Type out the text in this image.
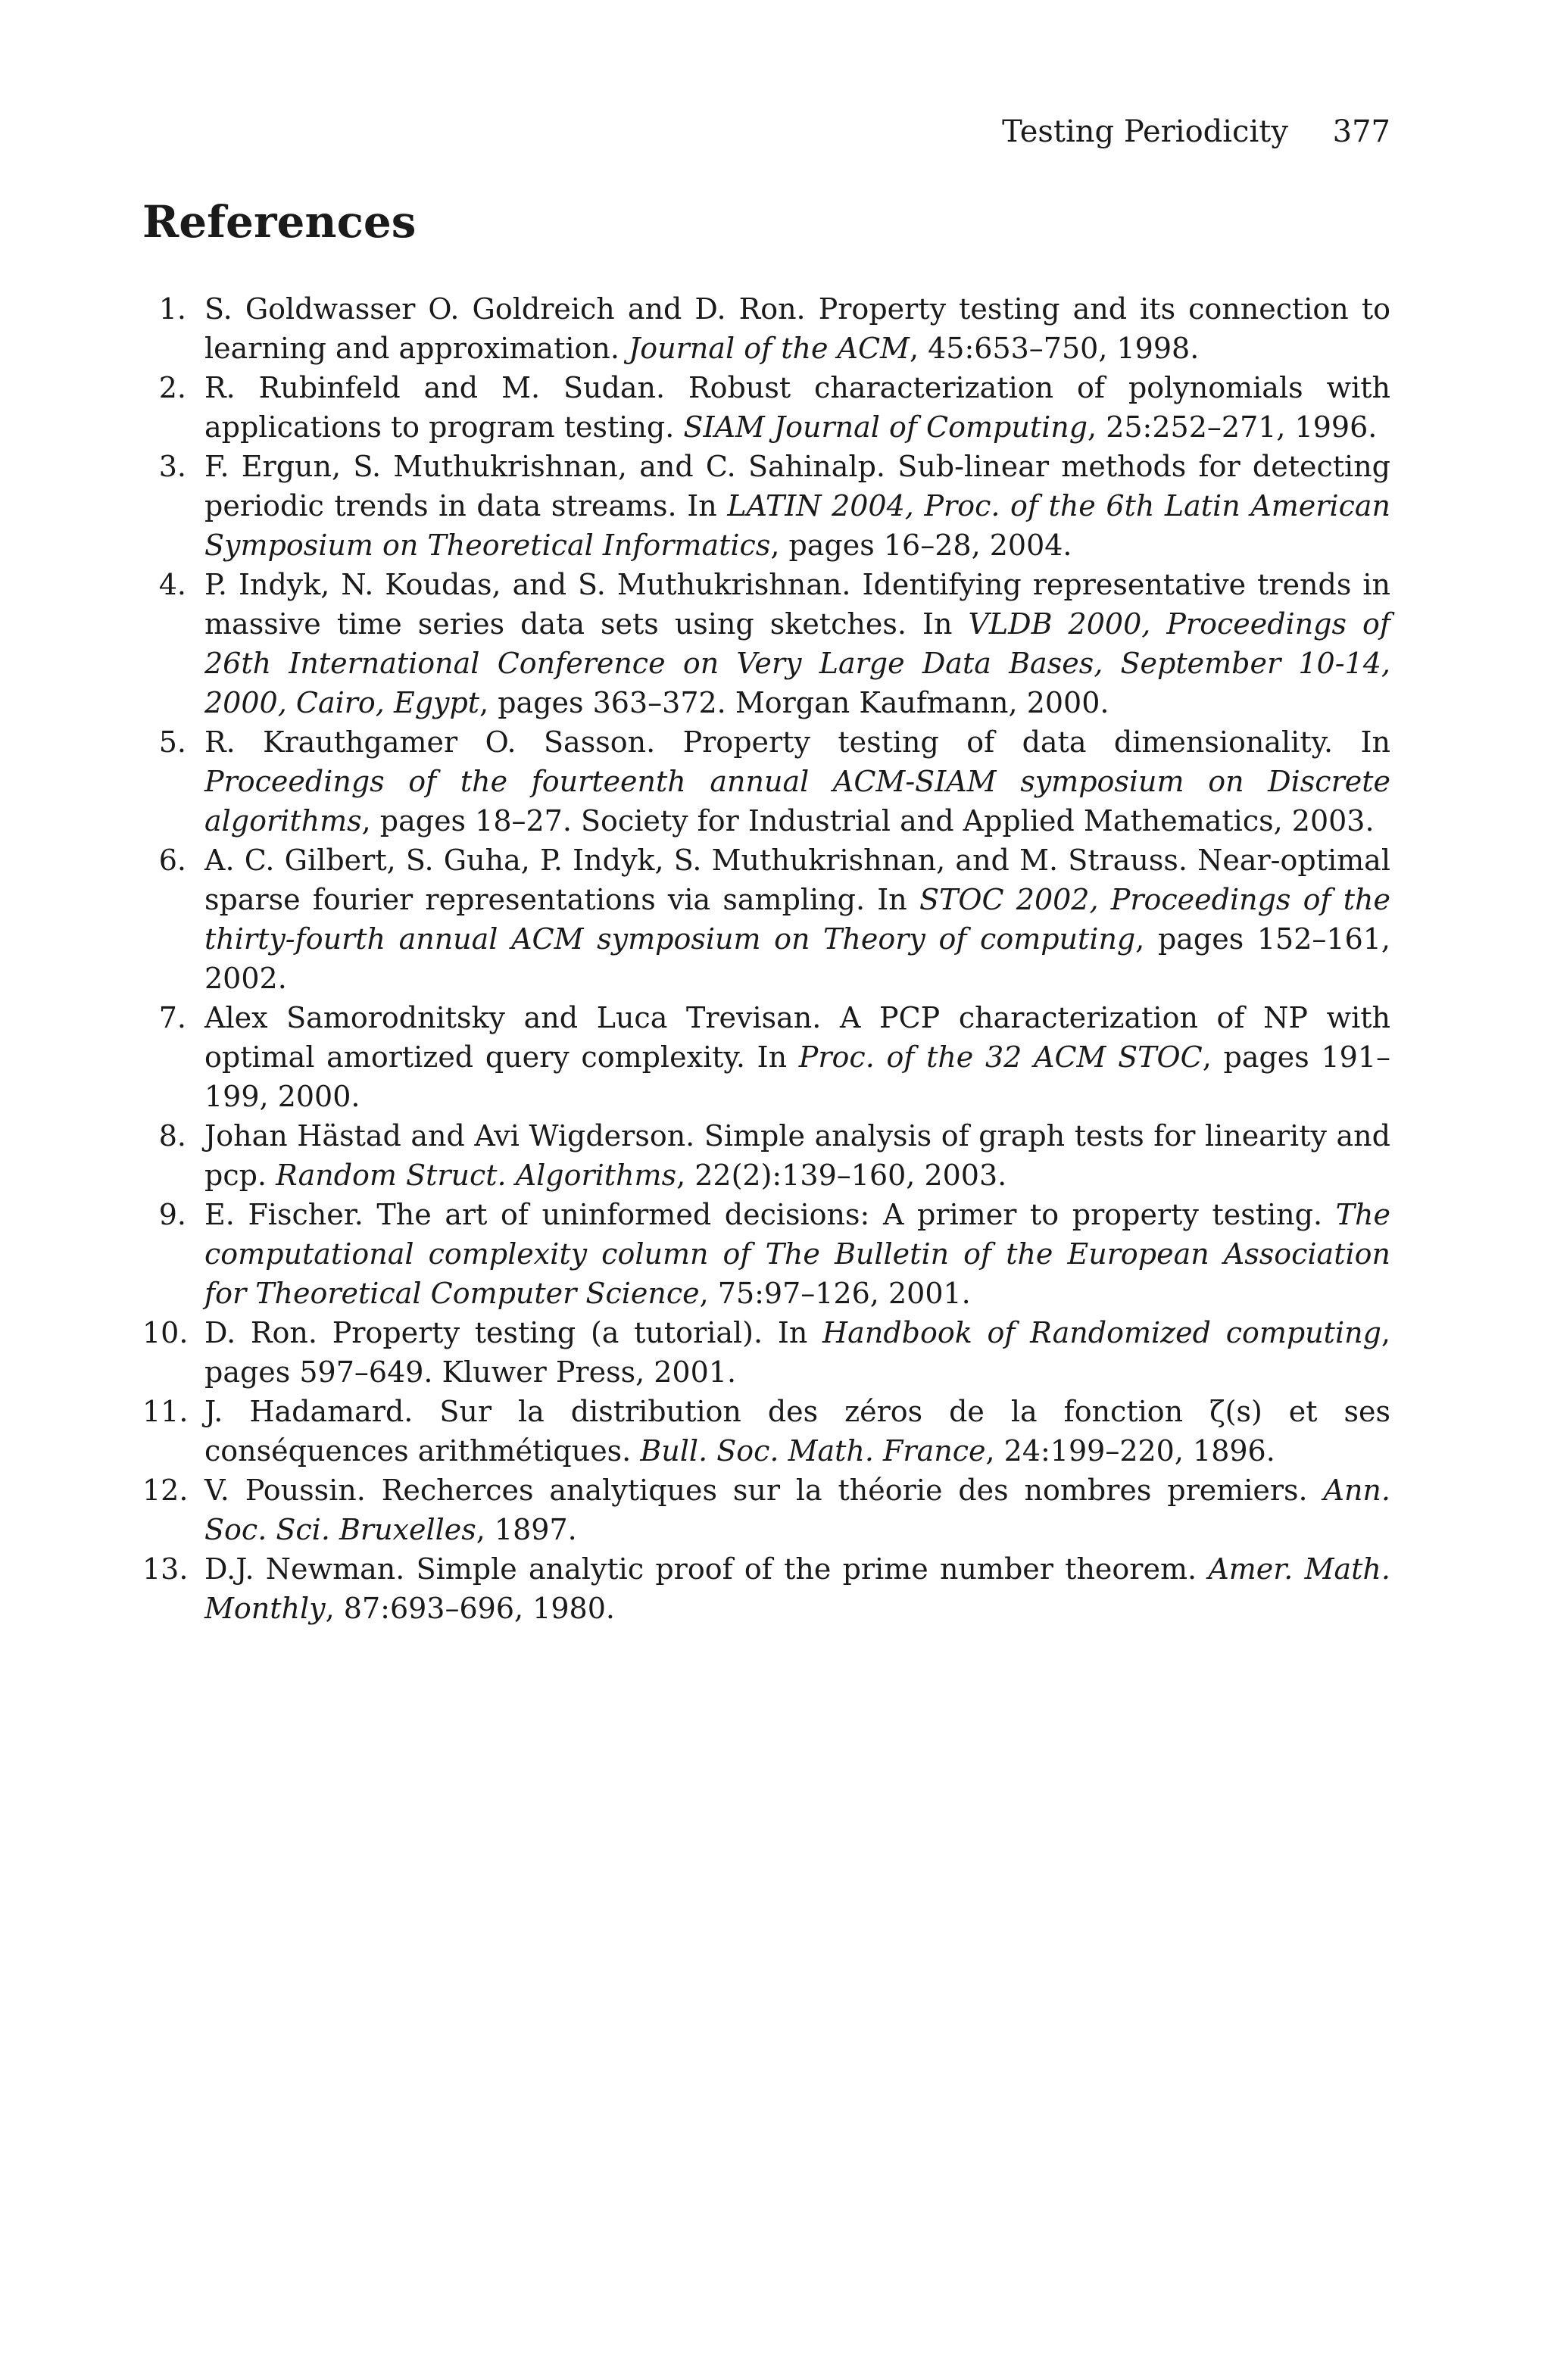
Testing Periodicity 377
References
1. S. Goldwasser O. Goldreich and D. Ron. Property testing and its connection to learning and approximation. Journal of the ACM, 45:653–750, 1998.
2. R. Rubinfeld and M. Sudan. Robust characterization of polynomials with applications to program testing. SIAM Journal of Computing, 25:252–271, 1996.
3. F. Ergun, S. Muthukrishnan, and C. Sahinalp. Sub-linear methods for detecting periodic trends in data streams. In LATIN 2004, Proc. of the 6th Latin American Symposium on Theoretical Informatics, pages 16–28, 2004.
4. P. Indyk, N. Koudas, and S. Muthukrishnan. Identifying representative trends in massive time series data sets using sketches. In VLDB 2000, Proceedings of 26th International Conference on Very Large Data Bases, September 10-14, 2000, Cairo, Egypt, pages 363–372. Morgan Kaufmann, 2000.
5. R. Krauthgamer O. Sasson. Property testing of data dimensionality. In Proceedings of the fourteenth annual ACM-SIAM symposium on Discrete algorithms, pages 18–27. Society for Industrial and Applied Mathematics, 2003.
6. A. C. Gilbert, S. Guha, P. Indyk, S. Muthukrishnan, and M. Strauss. Near-optimal sparse fourier representations via sampling. In STOC 2002, Proceedings of the thirty-fourth annual ACM symposium on Theory of computing, pages 152–161, 2002.
7. Alex Samorodnitsky and Luca Trevisan. A PCP characterization of NP with optimal amortized query complexity. In Proc. of the 32 ACM STOC, pages 191–199, 2000.
8. Johan Hästad and Avi Wigderson. Simple analysis of graph tests for linearity and pcp. Random Struct. Algorithms, 22(2):139–160, 2003.
9. E. Fischer. The art of uninformed decisions: A primer to property testing. The computational complexity column of The Bulletin of the European Association for Theoretical Computer Science, 75:97–126, 2001.
10. D. Ron. Property testing (a tutorial). In Handbook of Randomized computing, pages 597–649. Kluwer Press, 2001.
11. J. Hadamard. Sur la distribution des zéros de la fonction ζ(s) et ses conséquences arithmétiques. Bull. Soc. Math. France, 24:199–220, 1896.
12. V. Poussin. Recherces analytiques sur la théorie des nombres premiers. Ann. Soc. Sci. Bruxelles, 1897.
13. D.J. Newman. Simple analytic proof of the prime number theorem. Amer. Math. Monthly, 87:693–696, 1980.
